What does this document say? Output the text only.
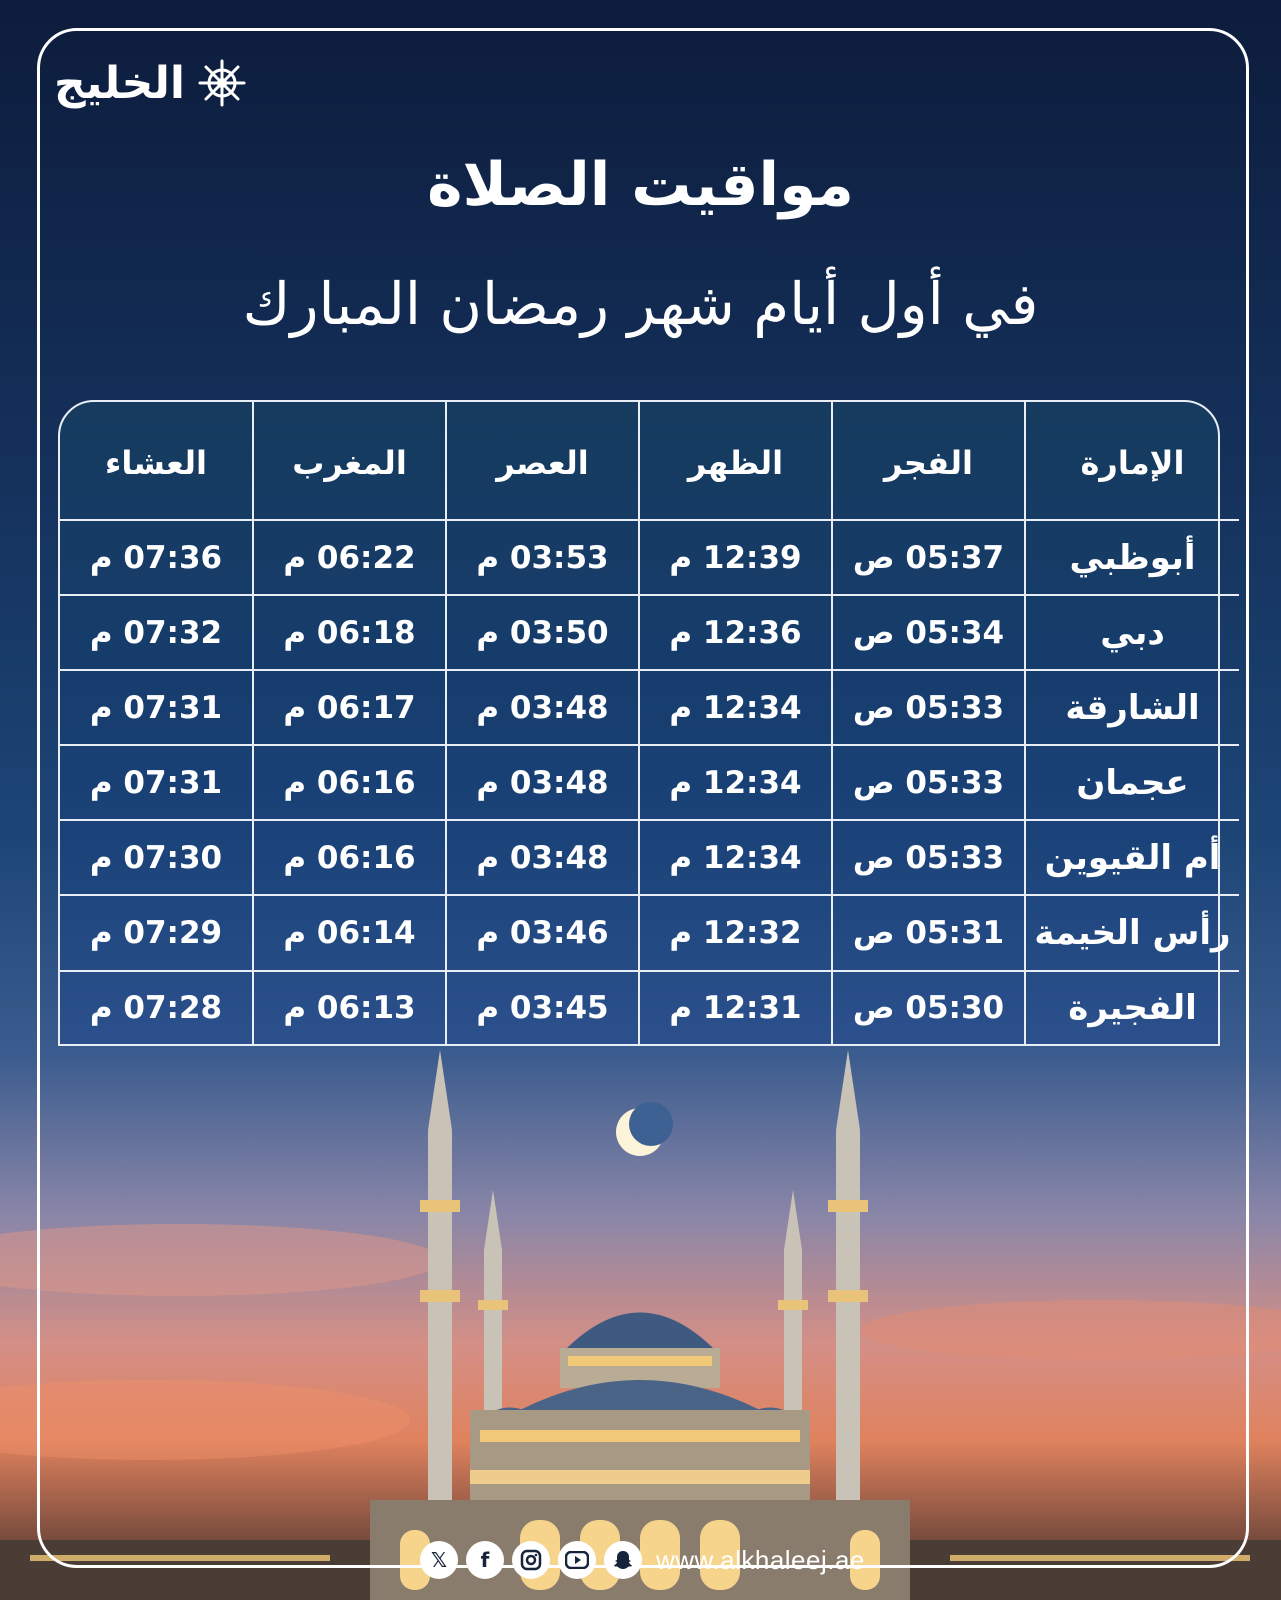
الخليج
مواقيت الصلاة
في أول أيام شهر رمضان المبارك
الإمارة	الفجر	الظهر	العصر	المغرب	العشاء
أبوظبي	05:37 ص	12:39 م	03:53 م	06:22 م	07:36 م
دبي	05:34 ص	12:36 م	03:50 م	06:18 م	07:32 م
الشارقة	05:33 ص	12:34 م	03:48 م	06:17 م	07:31 م
عجمان	05:33 ص	12:34 م	03:48 م	06:16 م	07:31 م
أم القيوين	05:33 ص	12:34 م	03:48 م	06:16 م	07:30 م
رأس الخيمة	05:31 ص	12:32 م	03:46 م	06:14 م	07:29 م
الفجيرة	05:30 ص	12:31 م	03:45 م	06:13 م	07:28 م
𝕏	f	www.alkhaleej.ae
